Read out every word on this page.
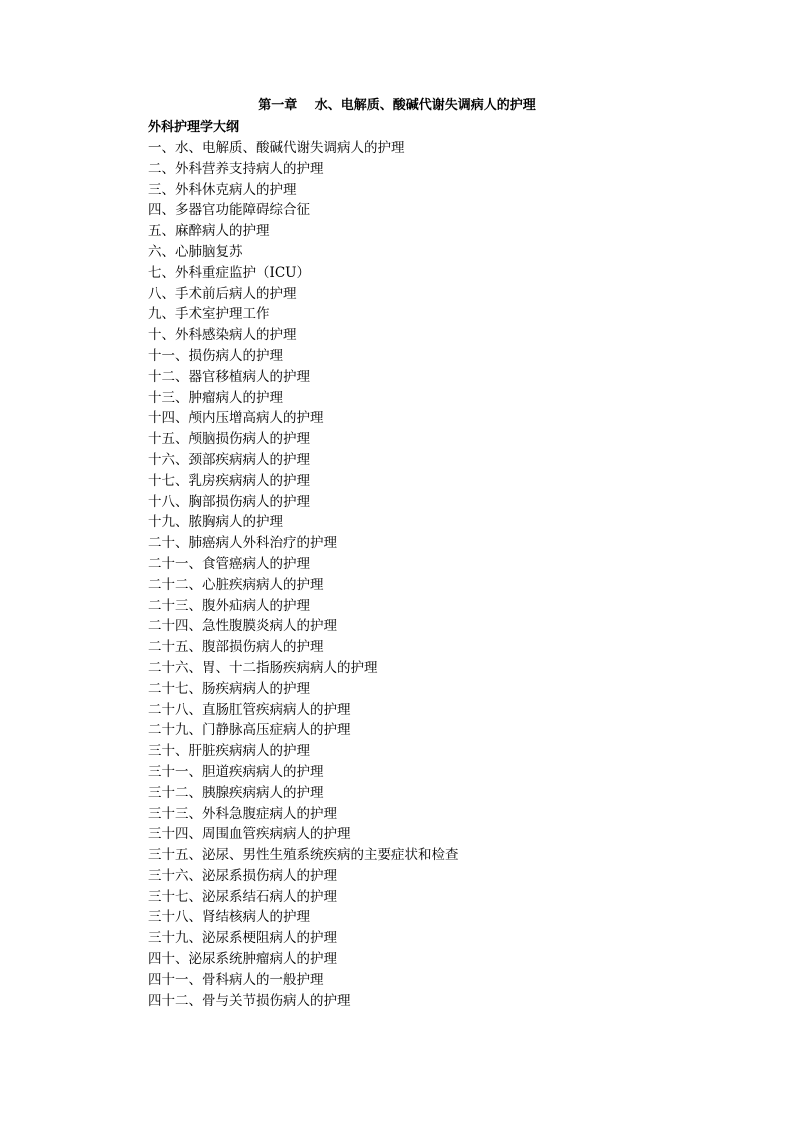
第一章　 水、电解质、酸碱代谢失调病人的护理
外科护理学大纲
一、水、电解质、酸碱代谢失调病人的护理
二、外科营养支持病人的护理
三、外科休克病人的护理
四、多器官功能障碍综合征
五、麻醉病人的护理
六、心肺脑复苏
七、外科重症监护（ICU）
八、手术前后病人的护理
九、手术室护理工作
十、外科感染病人的护理
十一、损伤病人的护理
十二、器官移植病人的护理
十三、肿瘤病人的护理
十四、颅内压增高病人的护理
十五、颅脑损伤病人的护理
十六、颈部疾病病人的护理
十七、乳房疾病病人的护理
十八、胸部损伤病人的护理
十九、脓胸病人的护理
二十、肺癌病人外科治疗的护理
二十一、食管癌病人的护理
二十二、心脏疾病病人的护理
二十三、腹外疝病人的护理
二十四、急性腹膜炎病人的护理
二十五、腹部损伤病人的护理
二十六、胃、十二指肠疾病病人的护理
二十七、肠疾病病人的护理
二十八、直肠肛管疾病病人的护理
二十九、门静脉高压症病人的护理
三十、肝脏疾病病人的护理
三十一、胆道疾病病人的护理
三十二、胰腺疾病病人的护理
三十三、外科急腹症病人的护理
三十四、周围血管疾病病人的护理
三十五、泌尿、男性生殖系统疾病的主要症状和检查
三十六、泌尿系损伤病人的护理
三十七、泌尿系结石病人的护理
三十八、肾结核病人的护理
三十九、泌尿系梗阻病人的护理
四十、泌尿系统肿瘤病人的护理
四十一、骨科病人的一般护理
四十二、骨与关节损伤病人的护理
